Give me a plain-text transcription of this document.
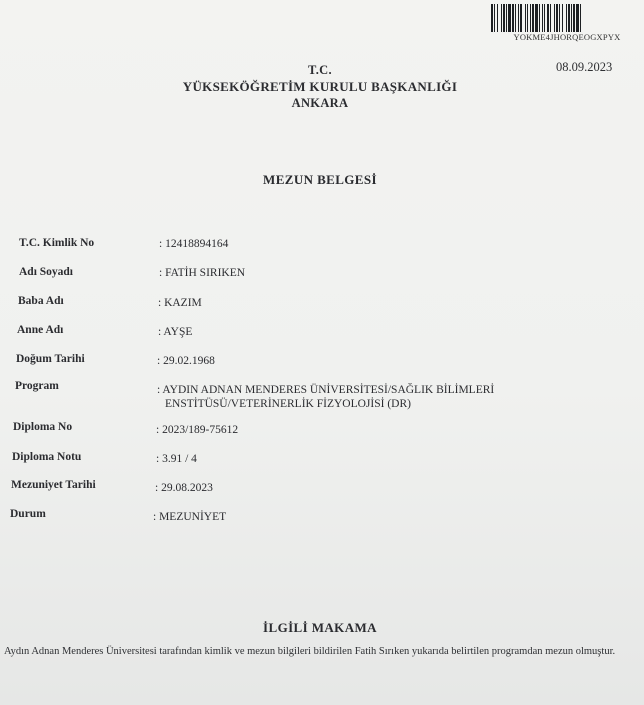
YOKME4JHORQEOGXPYX
08.09.2023
T.C.
YÜKSEKÖĞRETİM KURULU BAŞKANLIĞI
ANKARA
MEZUN BELGESİ
T.C. Kimlik No	: 12418894164
Adı Soyadı	: FATİH SIRIKEN
Baba Adı	: KAZIM
Anne Adı	: AYŞE
Doğum Tarihi	: 29.02.1968
Program	: AYDIN ADNAN MENDERES ÜNİVERSİTESİ/SAĞLIK BİLİMLERİ
ENSTİTÜSÜ/VETERİNERLİK FİZYOLOJİSİ (DR)
Diploma No	: 2023/189-75612
Diploma Notu	: 3.91 / 4
Mezuniyet Tarihi	: 29.08.2023
Durum	: MEZUNİYET
İLGİLİ MAKAMA
Aydın Adnan Menderes Üniversitesi tarafından kimlik ve mezun bilgileri bildirilen Fatih Sırıken yukarıda belirtilen programdan mezun olmuştur.
